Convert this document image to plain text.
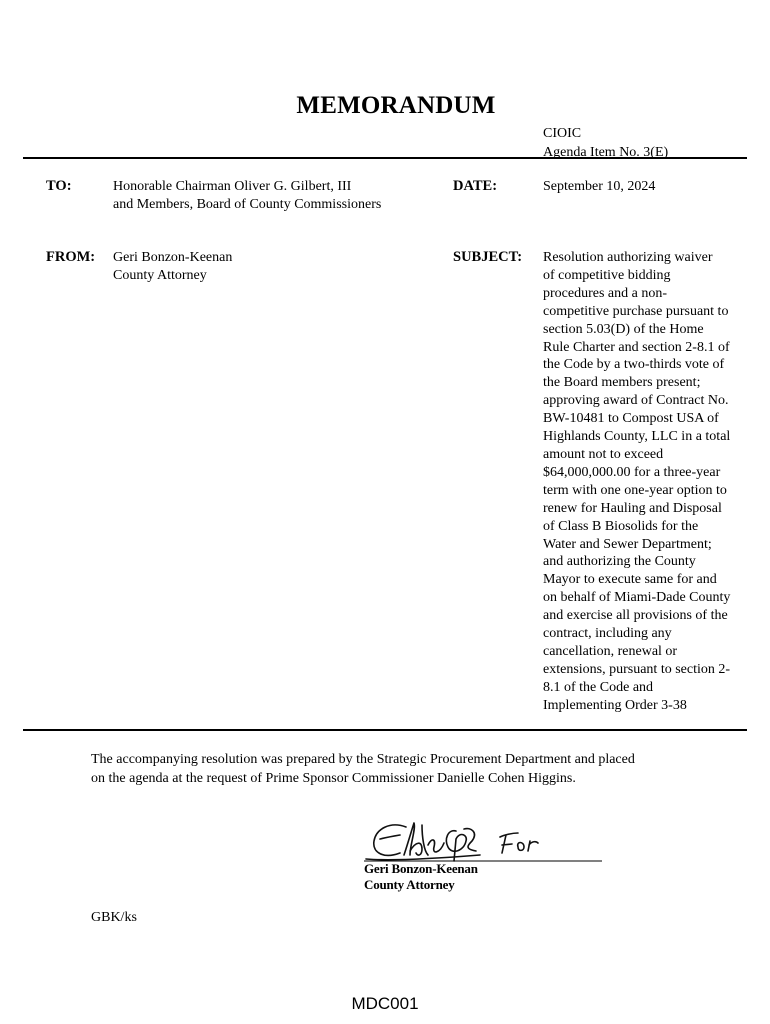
MEMORANDUM
CIOIC
Agenda Item No. 3(E)
TO:	Honorable Chairman Oliver G. Gilbert, III
and Members, Board of County Commissioners
DATE:	September 10, 2024
FROM: Geri Bonzon-Keenan
County Attorney
SUBJECT: Resolution authorizing waiver
of competitive bidding
procedures and a non-
competitive purchase pursuant to
section 5.03(D) of the Home
Rule Charter and section 2-8.1 of
the Code by a two-thirds vote of
the Board members present;
approving award of Contract No.
BW-10481 to Compost USA of
Highlands County, LLC in a total
amount not to exceed
$64,000,000.00 for a three-year
term with one one-year option to
renew for Hauling and Disposal
of Class B Biosolids for the
Water and Sewer Department;
and authorizing the County
Mayor to execute same for and
on behalf of Miami-Dade County
and exercise all provisions of the
contract, including any
cancellation, renewal or
extensions, pursuant to section 2-
8.1 of the Code and
Implementing Order 3-38
The accompanying resolution was prepared by the Strategic Procurement Department and placed
on the agenda at the request of Prime Sponsor Commissioner Danielle Cohen Higgins.
Geri Bonzon-Keenan
County Attorney
GBK/ks
MDC001
